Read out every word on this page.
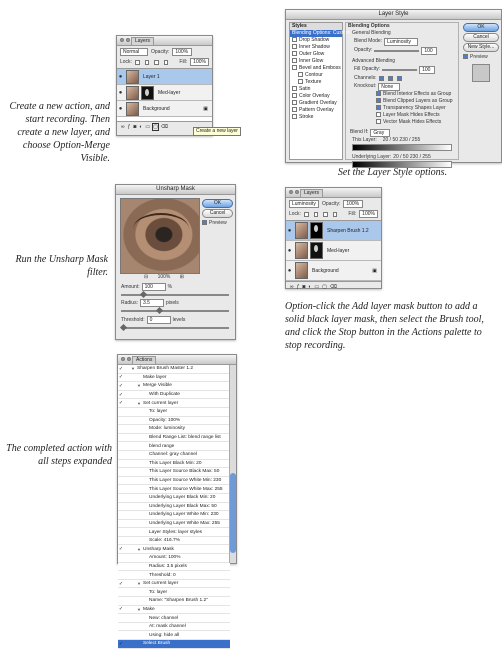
Create a new action, and start recording. Then create a new layer, and choose Option-Merge Visible.
Layers
Normal	Opacity:	100%
Lock:	Fill:	100%
●	Layer 1
●	Med-layer
●	Background	▣
∞ ƒ ◙ ◐ ▭ ▢ ⌫
Create a new layer
Layer Style
Styles
Blending Options: Custom
Drop Shadow
Inner Shadow
Outer Glow
Inner Glow
Bevel and Emboss
Contour
Texture
Satin
Color Overlay
Gradient Overlay
Pattern Overlay
Stroke
Blending Options
General Blending
Blend Mode:	Luminosity
Opacity:	100
Advanced Blending
Fill Opacity:	100
Channels:
Knockout:	None
Blend Interior Effects as Group
Blend Clipped Layers as Group
Transparency Shapes Layer
Layer Mask Hides Effects
Vector Mask Hides Effects
Blend If:	Gray
This Layer: 20 / 50 230 / 255
Underlying Layer: 20 / 50 230 / 255
OK
Cancel
New Style...
Preview
Set the Layer Style options.
Run the Unsharp Mask filter.
Unsharp Mask
OK
Cancel
Preview
⊟ 100% ⊞
Amount:	100	%
Radius:	3.5	pixels
Threshold:	0	levels
Layers
Luminosity	Opacity:	100%
Lock:	Fill:	100%
●	Sharpen Brush 1.2
●	Med-layer
●	Background	▣
∞ ƒ ◙ ◐ ▭ ▢ ⌫
Option-click the Add layer mask button to add a solid black layer mask, then select the Brush tool, and click the Stop button in the Actions palette to stop recording.
The completed action with all steps expanded
Actions
✓ ▼ Sharpen Brush Master 1.2
✓	Make layer
✓	▼ Merge Visible
✓	With Duplicate
✓	▼ Set current layer
To: layer
Opacity: 100%
Mode: luminosity
Blend Range List: blend range list
blend range
Channel: gray channel
This Layer Black Min: 20
This Layer Source Black Max: 50
This Layer Source White Min: 230
This Layer Source White Max: 255
Underlying Layer Black Min: 20
Underlying Layer Black Max: 50
Underlying Layer White Min: 230
Underlying Layer White Max: 255
Layer Styles: layer styles
Scale: 416.7%
✓	▼ Unsharp Mask
Amount: 100%
Radius: 3.5 pixels
Threshold: 0
✓	▼ Set current layer
To: layer
Name: "Sharpen Brush 1.2"
✓	▼ Make
New: channel
At: mask channel
Using: hide all
✓	Select Brush
